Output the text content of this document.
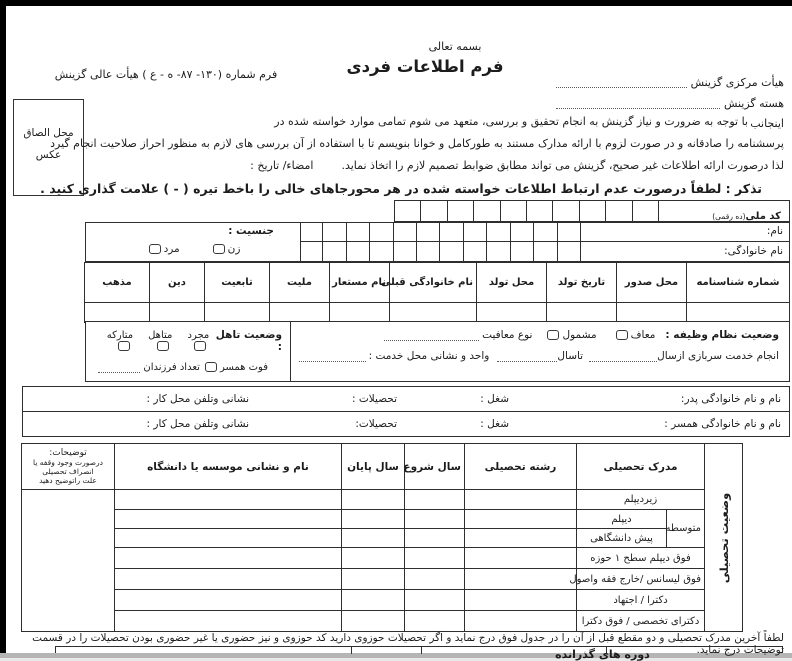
بسمه تعالی
فرم اطلاعات فردی
فرم شماره (۱۳۰- ۸۷- ه - ع ) هیأت عالی گزینش
هیأت مرکزی گزینش
هسته گزینش
اینجانب
محل الصاق
عکس
با توجه به ضرورت و نیاز گزینش به انجام تحقیق و بررسی، متعهد می شوم تمامی موارد خواسته شده در
پرسشنامه را صادقانه و در صورت لزوم با ارائه مدارک مستند به طورکامل و خوانا بنویسم تا با استفاده از آن بررسی های لازم به منظور احراز صلاحیت انجام گیرد
لذا درصورت ارائه اطلاعات غیر صحیح، گزینش می تواند مطابق ضوابط تصمیم لازم را اتخاذ نماید.
امضاء/ تاریخ :
تذکر : لطفاً درصورت عدم ارتباط اطلاعات خواسته شده در هر محورجاهای خالی را باخط تیره ( - ) علامت گذاری کنید .
کد ملی(ده رقمی)
نام:
نام خانوادگی:
جنسیت :
زن
مرد
شماره شناسنامه	محل صدور	تاریخ تولد	محل تولد	نام خانوادگی قبلی	نام مستعار	ملیت	تابعیت	دین	مذهب

وضعیت نظام وظیفه :
معاف
مشمول
نوع معافیت
انجام خدمت سربازی ازسال
تاسال
واحد و نشانی محل خدمت :
وضعیت تاهل :
مجرد
متاهل
متارکه
فوت همسر
تعداد فرزندان
نام و نام خانوادگی پدر:
شغل :
تحصیلات :
نشانی وتلفن محل کار :
نام و نام خانوادگی همسر :
شغل :
تحصیلات:
نشانی وتلفن محل کار :
وضعیت تحصیلی	مدرک تحصیلی		رشته تحصیلی	سال شروع	سال پایان	نام و نشانی موسسه یا دانشگاه	توضیحات:
درصورت وجود وقفه یا انصراف تحصیلی
علت راتوضیح دهید

	زیردیپلم						
	متوسطه	دیپلم					
		پیش دانشگاهی					
	فوق دیپلم سطح ۱ حوزه						
	فوق لیسانس /خارج فقه واصول						
	دکترا / اجتهاد						
	دکترای تخصصی / فوق دکترا						
لطفاً آخرین مدرک تحصیلی و دو مقطع قبل از آن را در جدول فوق درج نماید و اگر تحصیلات حوزوی دارید کد حوزوی و نیز حضوری یا غیر حضوری بودن تحصیلات را در قسمت توضیحات درج نماید.
